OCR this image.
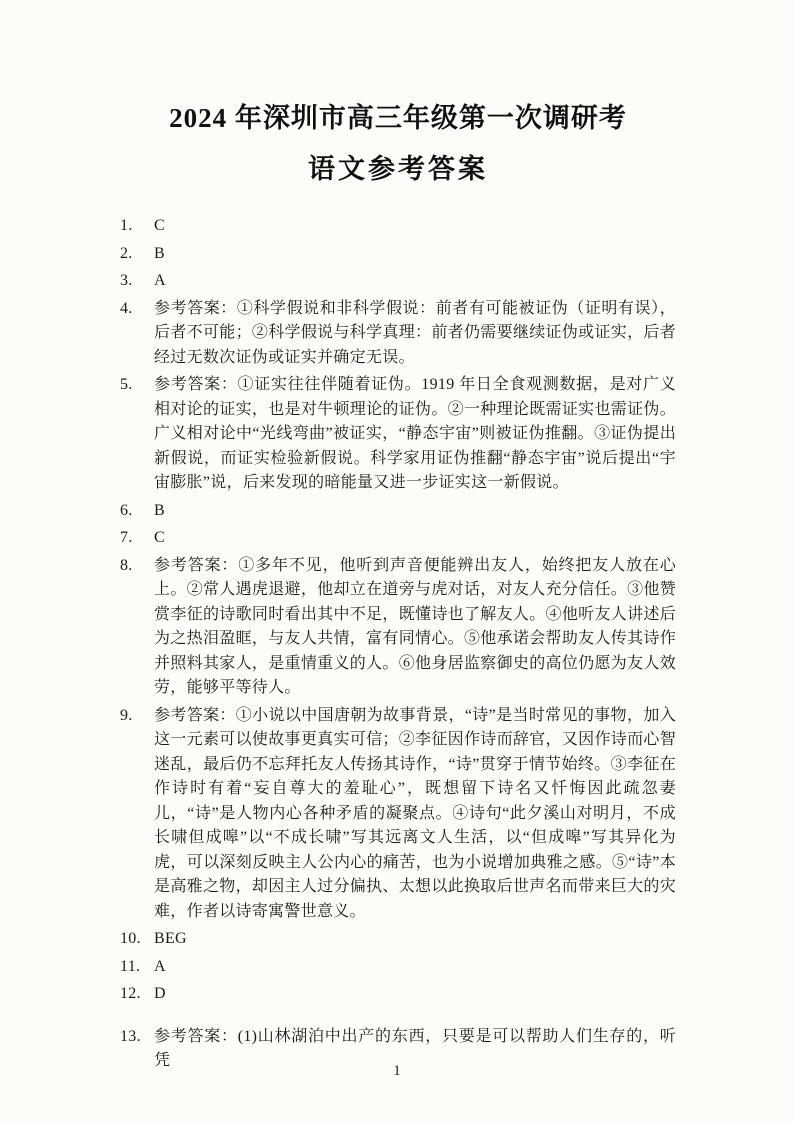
2024 年深圳市高三年级第一次调研考
语文参考答案
1.	C
2.	B
3.	A
4.	参考答案：①科学假说和非科学假说：前者有可能被证伪（证明有误），后者不可能；②科学假说与科学真理：前者仍需要继续证伪或证实，后者经过无数次证伪或证实并确定无误。
5.	参考答案：①证实往往伴随着证伪。1919 年日全食观测数据，是对广义相对论的证实，也是对牛顿理论的证伪。②一种理论既需证实也需证伪。广义相对论中“光线弯曲”被证实，“静态宇宙”则被证伪推翻。③证伪提出新假说，而证实检验新假说。科学家用证伪推翻“静态宇宙”说后提出“宇宙膨胀”说，后来发现的暗能量又进一步证实这一新假说。
6.	B
7.	C
8.	参考答案：①多年不见，他听到声音便能辨出友人，始终把友人放在心上。②常人遇虎退避，他却立在道旁与虎对话，对友人充分信任。③他赞赏李征的诗歌同时看出其中不足，既懂诗也了解友人。④他听友人讲述后为之热泪盈眶，与友人共情，富有同情心。⑤他承诺会帮助友人传其诗作并照料其家人，是重情重义的人。⑥他身居监察御史的高位仍愿为友人效劳，能够平等待人。
9.	参考答案：①小说以中国唐朝为故事背景，“诗”是当时常见的事物，加入这一元素可以使故事更真实可信；②李征因作诗而辞官，又因作诗而心智迷乱，最后仍不忘拜托友人传扬其诗作，“诗”贯穿于情节始终。③李征在作诗时有着“妄自尊大的羞耻心”，既想留下诗名又忏悔因此疏忽妻儿，“诗”是人物内心各种矛盾的凝聚点。④诗句“此夕溪山对明月，不成长啸但成嗥”以“不成长啸”写其远离文人生活，以“但成嗥”写其异化为虎，可以深刻反映主人公内心的痛苦，也为小说增加典雅之感。⑤“诗”本是高雅之物，却因主人过分偏执、太想以此换取后世声名而带来巨大的灾难，作者以诗寄寓警世意义。
10. BEG
11. A
12. D
13. 参考答案：(1)山林湖泊中出产的东西，只要是可以帮助人们生存的，听凭
1
